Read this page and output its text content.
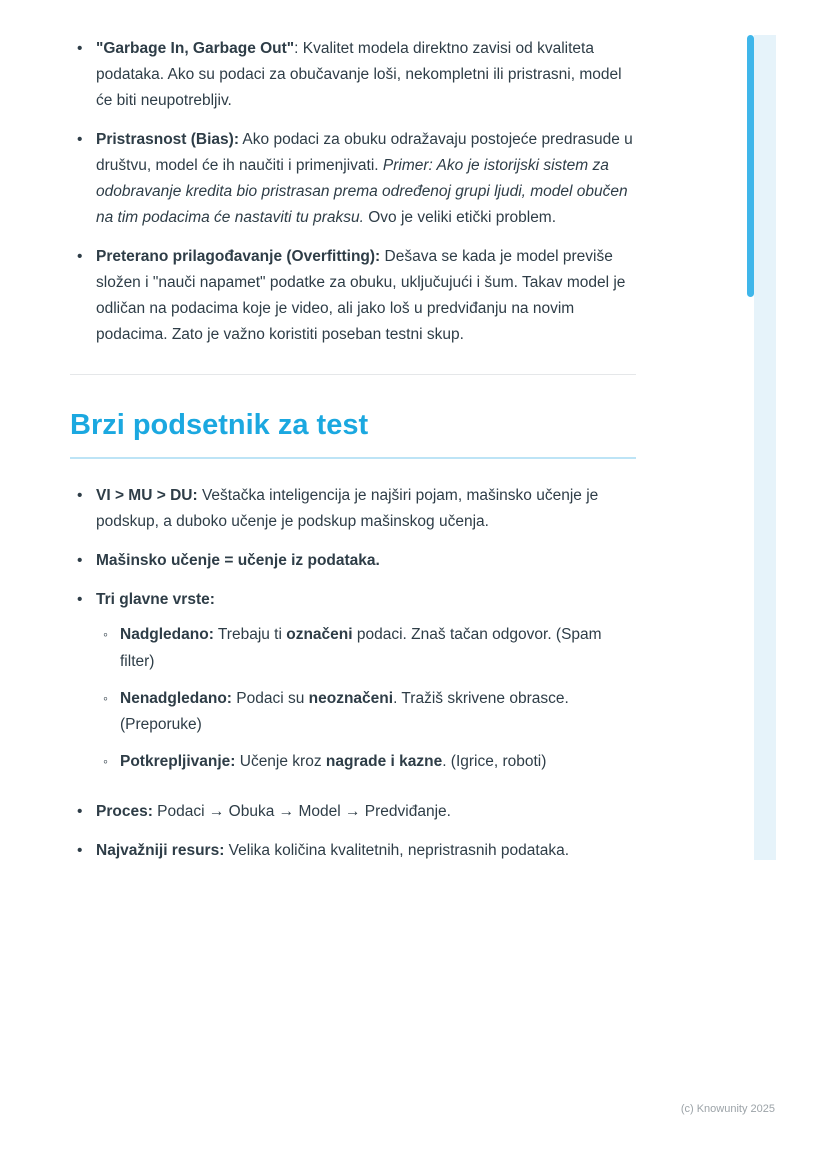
• "Garbage In, Garbage Out": Kvalitet modela direktno zavisi od kvaliteta podataka. Ako su podaci za obučavanje loši, nekompletni ili pristrasni, model će biti neupotrebljiv.
• Pristrasnost (Bias): Ako podaci za obuku odražavaju postojeće predrasude u društvu, model će ih naučiti i primenjivati. Primer: Ako je istorijski sistem za odobravanje kredita bio pristrasan prema određenoj grupi ljudi, model obučen na tim podacima će nastaviti tu praksu. Ovo je veliki etički problem.
• Preterano prilagođavanje (Overfitting): Dešava se kada je model previše složen i "nauči napamet" podatke za obuku, uključujući i šum. Takav model je odličan na podacima koje je video, ali jako loš u predviđanju na novim podacima. Zato je važno koristiti poseban testni skup.
Brzi podsetnik za test
• VI > MU > DU: Veštačka inteligencija je najširi pojam, mašinsko učenje je podskup, a duboko učenje je podskup mašinskog učenja.
• Mašinsko učenje = učenje iz podataka.
• Tri glavne vrste:
◦ Nadgledano: Trebaju ti označeni podaci. Znaš tačan odgovor. (Spam filter)
◦ Nenadgledano: Podaci su neoznačeni. Tražiš skrivene obrasce. (Preporuke)
◦ Potkrepljivanje: Učenje kroz nagrade i kazne. (Igrice, roboti)
• Proces: Podaci → Obuka → Model → Predviđanje.
• Najvažniji resurs: Velika količina kvalitetnih, nepristrasnih podataka.
(c) Knowunity 2025
